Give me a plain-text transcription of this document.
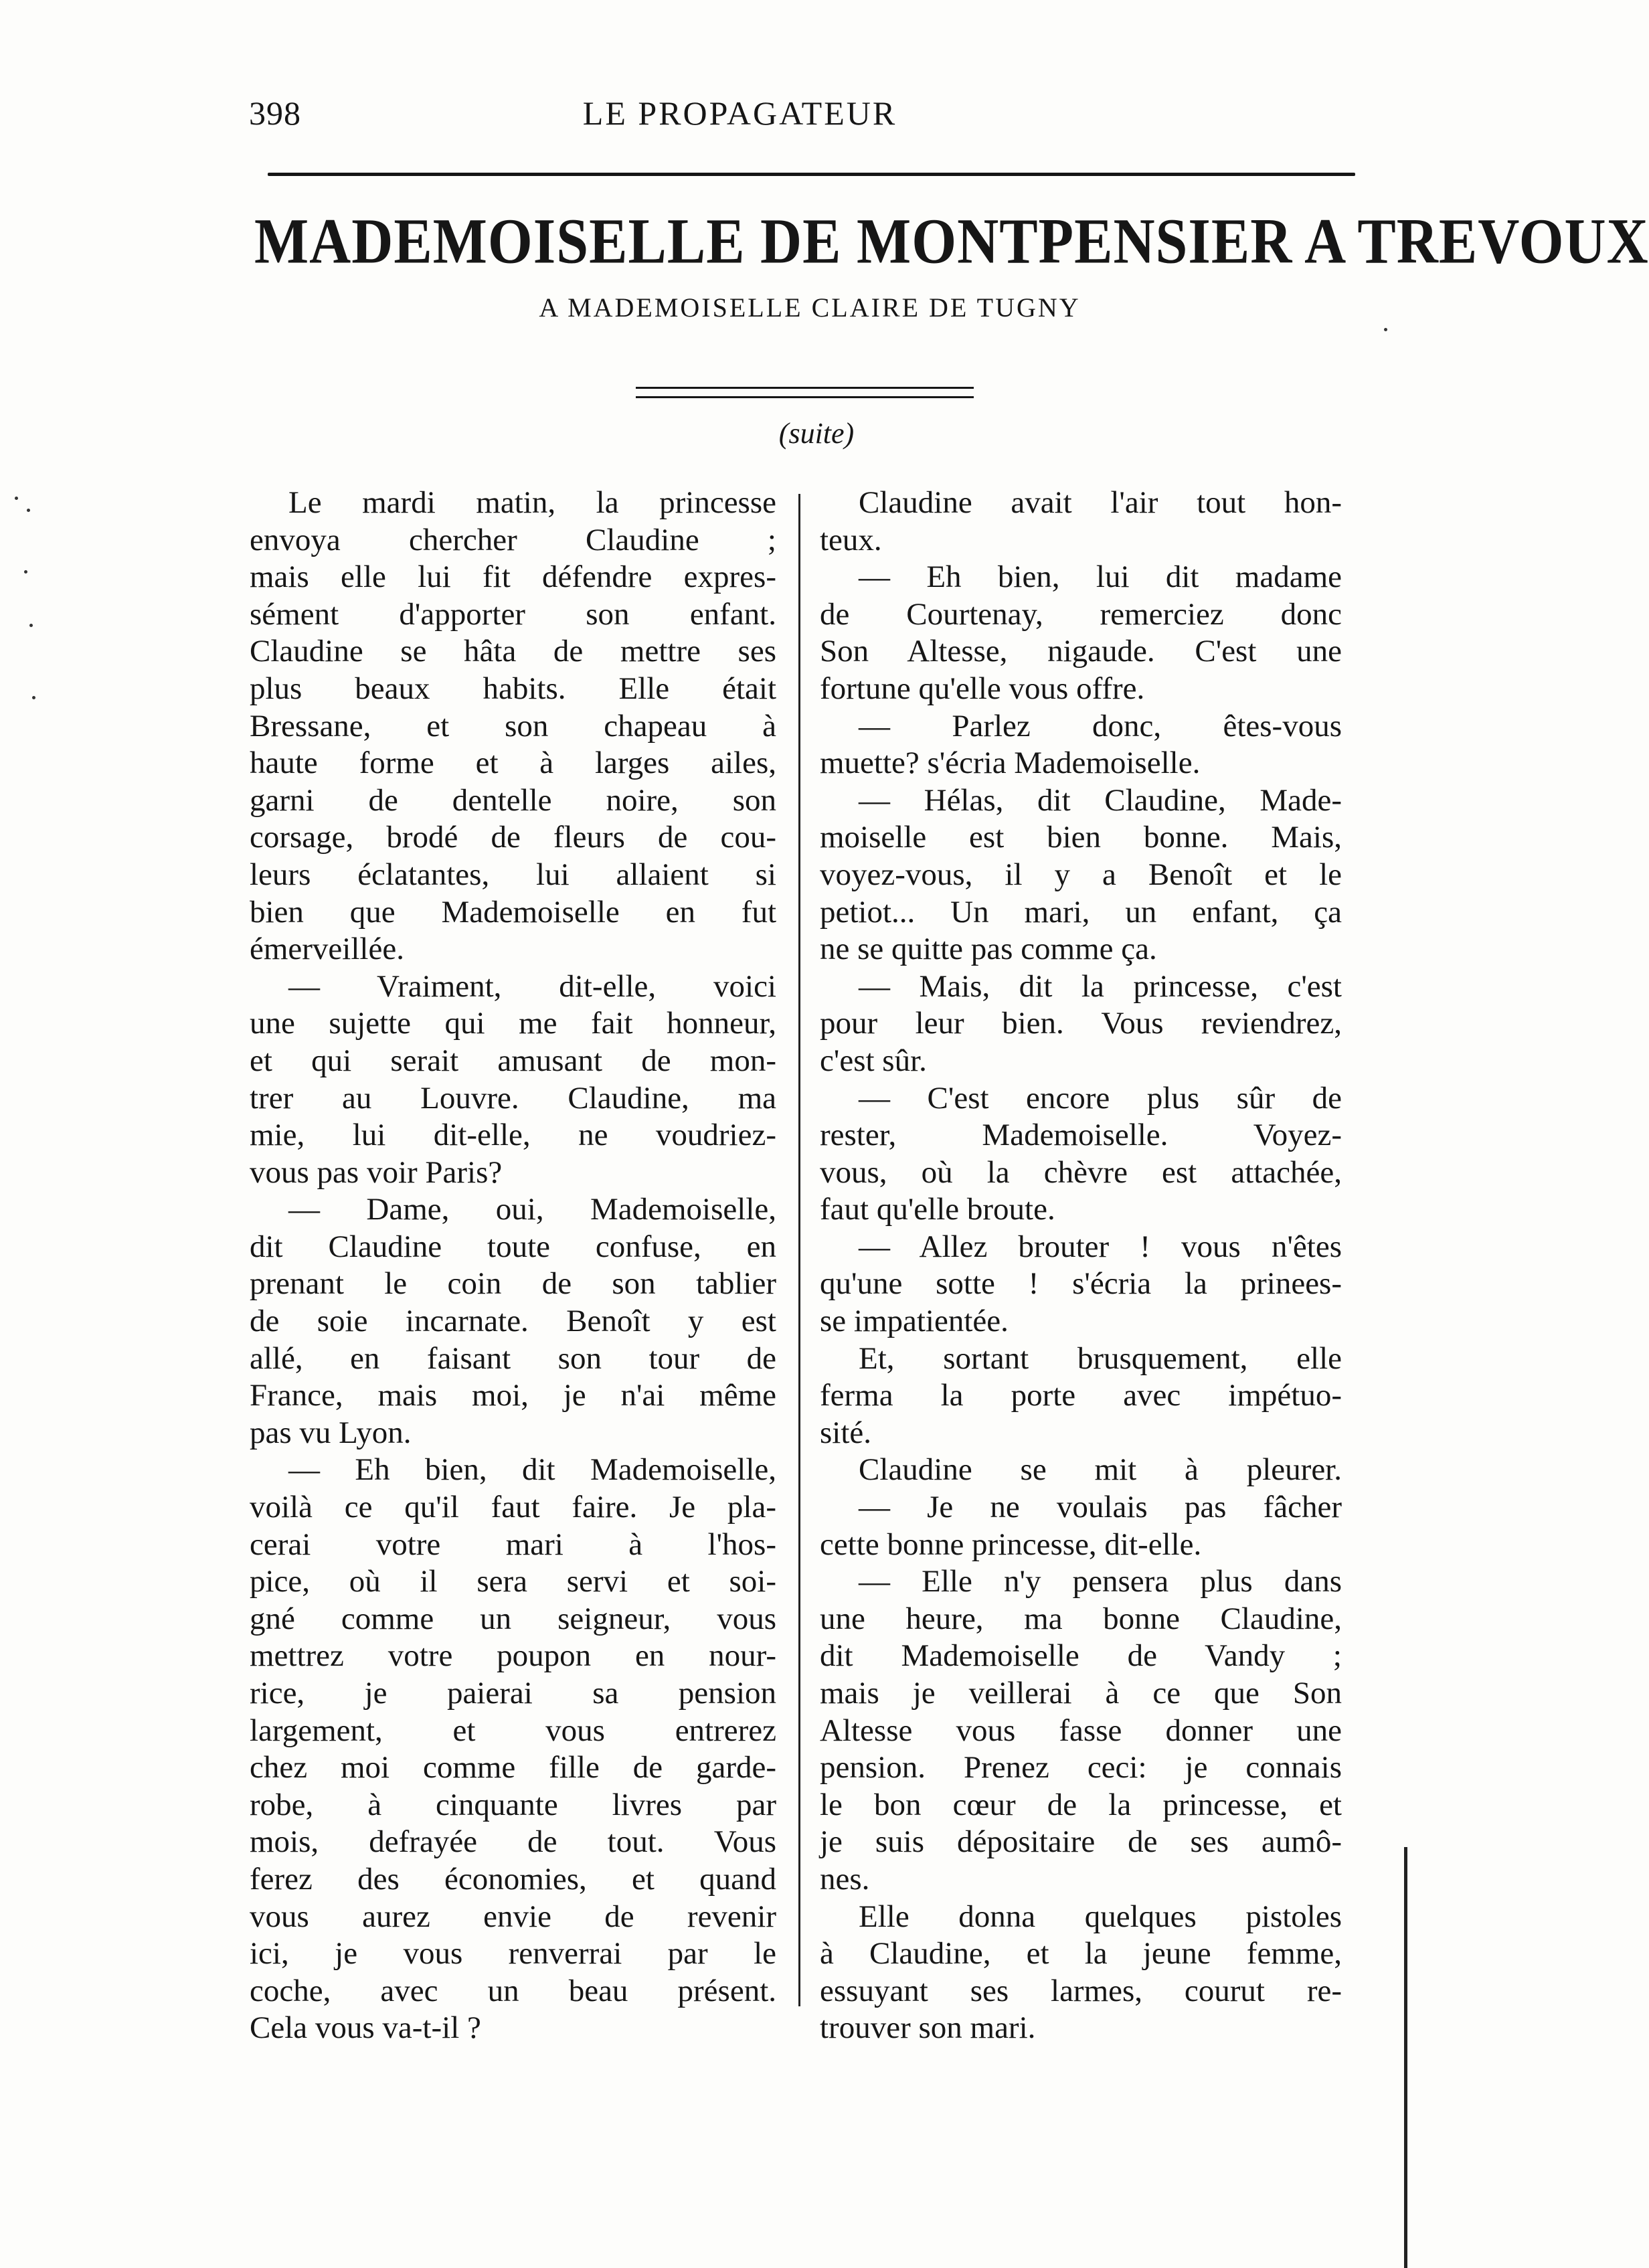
398	LE PROPAGATEUR
MADEMOISELLE DE MONTPENSIER A TREVOUX
A MADEMOISELLE CLAIRE DE TUGNY
(suite)
Le mardi matin, la princesse
envoya chercher Claudine ;
mais elle lui fit défendre expres-
sément d'apporter son enfant.
Claudine se hâta de mettre ses
plus beaux habits. Elle était
Bressane, et son chapeau à
haute forme et à larges ailes,
garni de dentelle noire, son
corsage, brodé de fleurs de cou-
leurs éclatantes, lui allaient si
bien que Mademoiselle en fut
émerveillée.
— Vraiment, dit-elle, voici
une sujette qui me fait honneur,
et qui serait amusant de mon-
trer au Louvre. Claudine, ma
mie, lui dit-elle, ne voudriez-
vous pas voir Paris?
— Dame, oui, Mademoiselle,
dit Claudine toute confuse, en
prenant le coin de son tablier
de soie incarnate. Benoît y est
allé, en faisant son tour de
France, mais moi, je n'ai même
pas vu Lyon.
— Eh bien, dit Mademoiselle,
voilà ce qu'il faut faire. Je pla-
cerai votre mari à l'hos-
pice, où il sera servi et soi-
gné comme un seigneur, vous
mettrez votre poupon en nour-
rice, je paierai sa pension
largement, et vous entrerez
chez moi comme fille de garde-
robe, à cinquante livres par
mois, defrayée de tout. Vous
ferez des économies, et quand
vous aurez envie de revenir
ici, je vous renverrai par le
coche, avec un beau présent.
Cela vous va-t-il ?
Claudine avait l'air tout hon-
teux.
— Eh bien, lui dit madame
de Courtenay, remerciez donc
Son Altesse, nigaude. C'est une
fortune qu'elle vous offre.
— Parlez donc, êtes-vous
muette? s'écria Mademoiselle.
— Hélas, dit Claudine, Made-
moiselle est bien bonne. Mais,
voyez-vous, il y a Benoît et le
petiot... Un mari, un enfant, ça
ne se quitte pas comme ça.
— Mais, dit la princesse, c'est
pour leur bien. Vous reviendrez,
c'est sûr.
— C'est encore plus sûr de
rester, Mademoiselle. Voyez-
vous, où la chèvre est attachée,
faut qu'elle broute.
— Allez brouter ! vous n'êtes
qu'une sotte ! s'écria la prinees-
se impatientée.
Et, sortant brusquement, elle
ferma la porte avec impétuo-
sité.
Claudine se mit à pleurer.
— Je ne voulais pas fâcher
cette bonne princesse, dit-elle.
— Elle n'y pensera plus dans
une heure, ma bonne Claudine,
dit Mademoiselle de Vandy ;
mais je veillerai à ce que Son
Altesse vous fasse donner une
pension. Prenez ceci: je connais
le bon cœur de la princesse, et
je suis dépositaire de ses aumô-
nes.
Elle donna quelques pistoles
à Claudine, et la jeune femme,
essuyant ses larmes, courut re-
trouver son mari.
